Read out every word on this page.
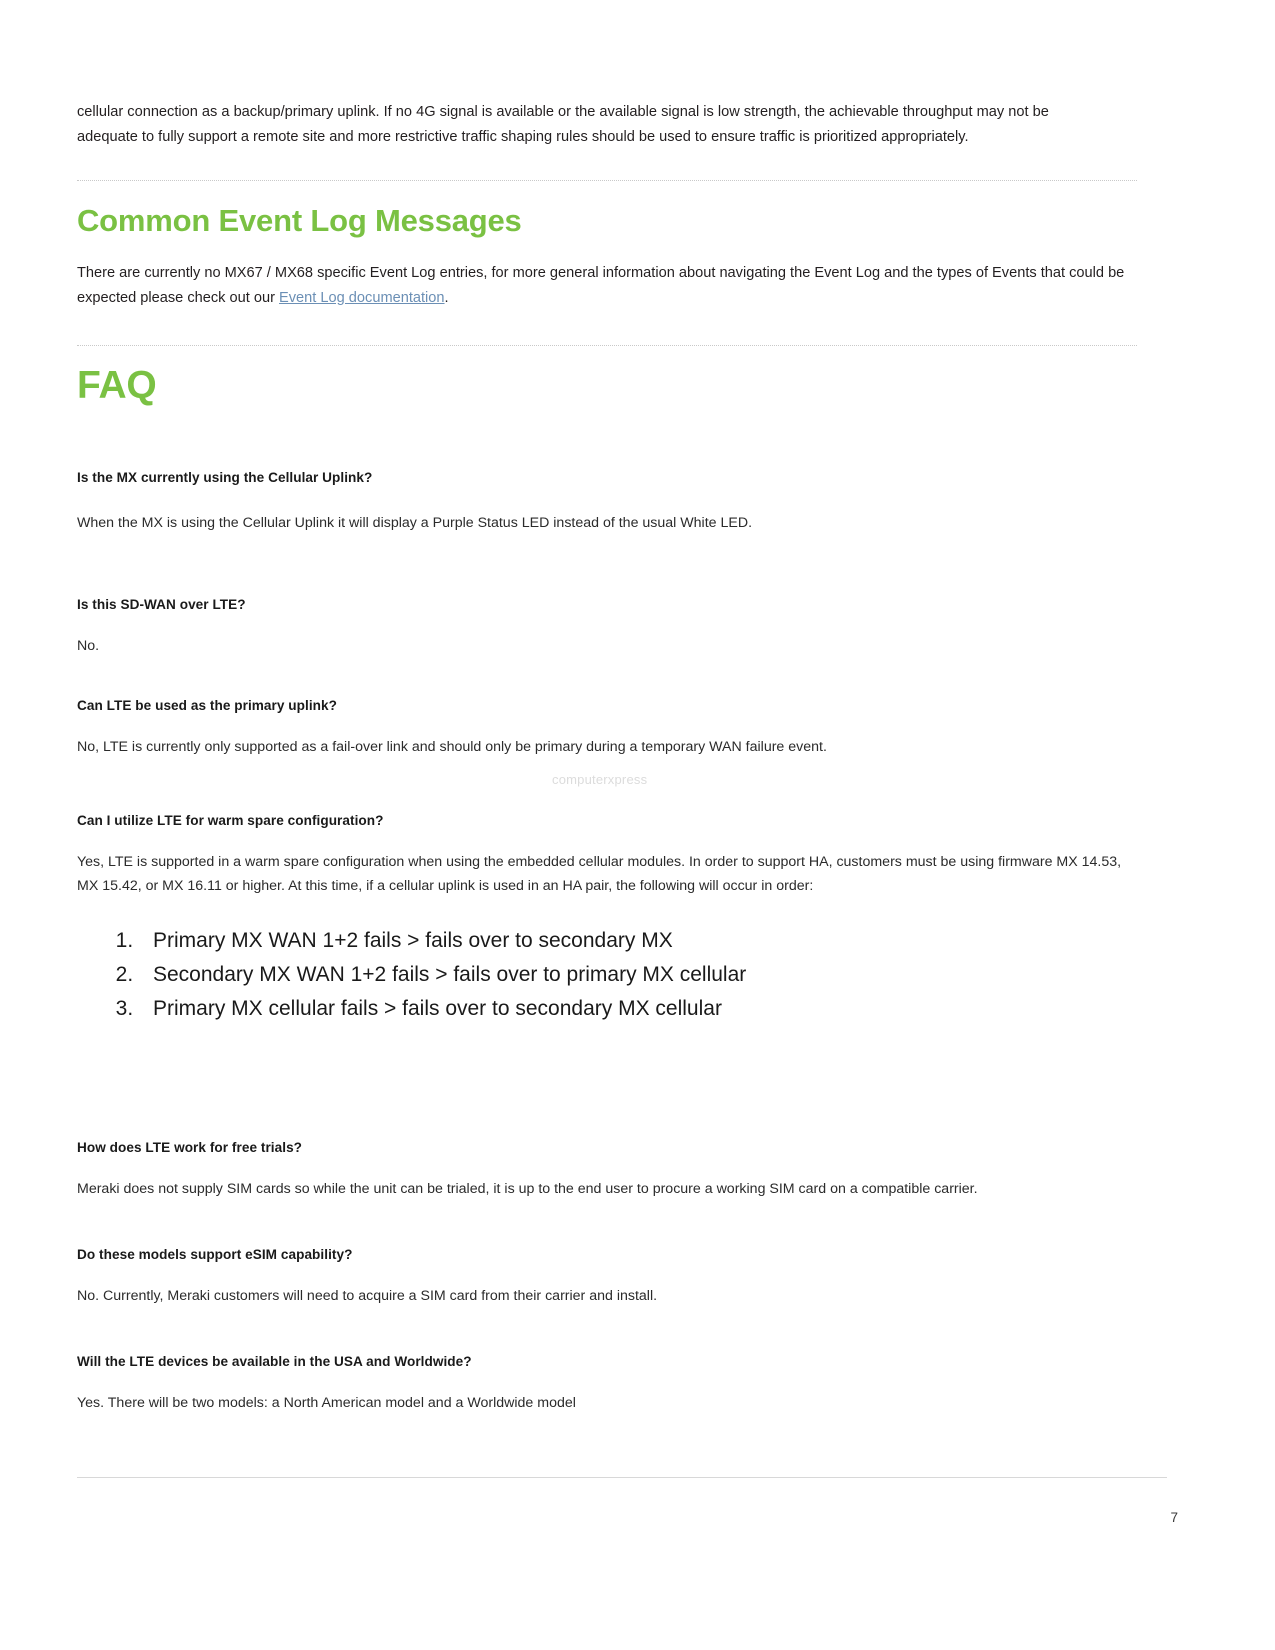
computerxpress

cellular connection as a backup/primary uplink. If no 4G signal is available or the available signal is low strength, the achievable throughput may not be adequate to fully support a remote site and more restrictive traffic shaping rules should be used to ensure traffic is prioritized appropriately.

Common Event Log Messages

There are currently no MX67 / MX68 specific Event Log entries, for more general information about navigating the Event Log and the types of Events that could be expected please check out our Event Log documentation.

FAQ
Is the MX currently using the Cellular Uplink?

When the MX is using the Cellular Uplink it will display a Purple Status LED instead of the usual White LED.

Is this SD-WAN over LTE?

No.

Can LTE be used as the primary uplink?

No, LTE is currently only supported as a fail-over link and should only be primary during a temporary WAN failure event.

Can I utilize LTE for warm spare configuration?

Yes, LTE is supported in a warm spare configuration when using the embedded cellular modules. In order to support HA, customers must be using firmware MX 14.53, MX 15.42, or MX 16.11 or higher. At this time, if a cellular uplink is used in an HA pair, the following will occur in order:

1. Primary MX WAN 1+2 fails > fails over to secondary MX
2. Secondary MX WAN 1+2 fails > fails over to primary MX cellular
3. Primary MX cellular fails > fails over to secondary MX cellular
How does LTE work for free trials?

Meraki does not supply SIM cards so while the unit can be trialed, it is up to the end user to procure a working SIM card on a compatible carrier.

Do these models support eSIM capability?

No. Currently, Meraki customers will need to acquire a SIM card from their carrier and install.

Will the LTE devices be available in the USA and Worldwide?

Yes. There will be two models: a North American model and a Worldwide model

7
